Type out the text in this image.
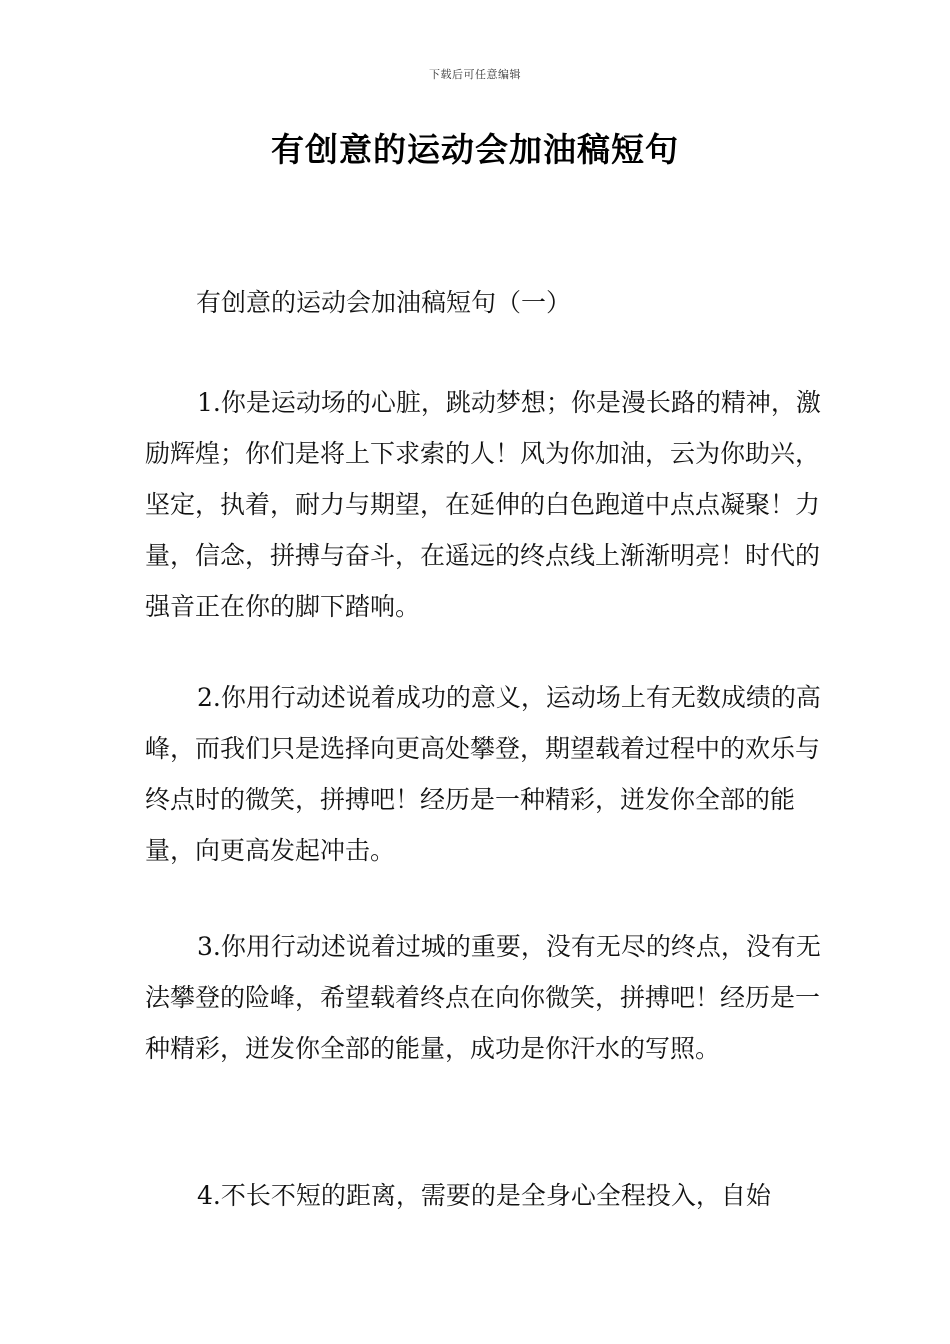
下载后可任意编辑
有创意的运动会加油稿短句
有创意的运动会加油稿短句（一）

1.你是运动场的心脏，跳动梦想；你是漫长路的精神，激励辉煌；你们是将上下求索的人！风为你加油，云为你助兴，坚定，执着，耐力与期望，在延伸的白色跑道中点点凝聚！力量，信念，拼搏与奋斗，在遥远的终点线上渐渐明亮！时代的强音正在你的脚下踏响。

2.你用行动述说着成功的意义，运动场上有无数成绩的高峰，而我们只是选择向更高处攀登，期望载着过程中的欢乐与终点时的微笑，拼搏吧！经历是一种精彩，迸发你全部的能量，向更高发起冲击。

3.你用行动述说着过城的重要，没有无尽的终点，没有无法攀登的险峰，希望载着终点在向你微笑，拼搏吧！经历是一种精彩，迸发你全部的能量，成功是你汗水的写照。

4.不长不短的距离，需要的是全身心全程投入，自始
